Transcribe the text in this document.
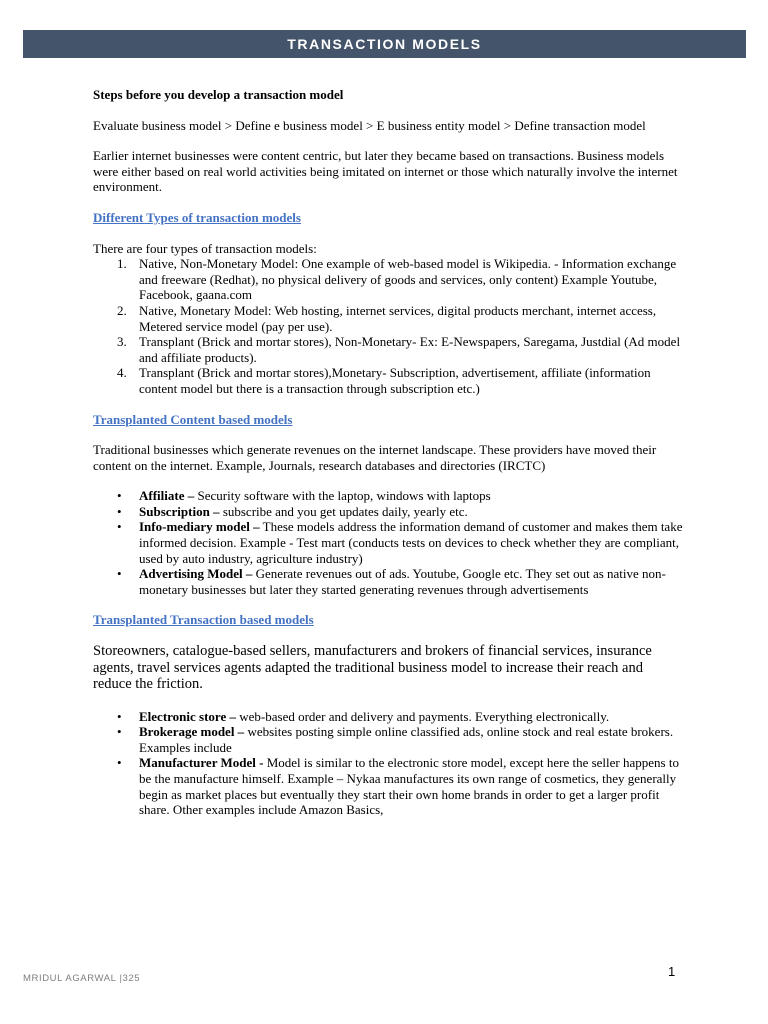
TRANSACTION MODELS

Steps before you develop a transaction model

Evaluate business model > Define e business model > E business entity model > Define transaction model

Earlier internet businesses were content centric, but later they became based on transactions. Business models were either based on real world activities being imitated on internet or those which naturally involve the internet environment.

Different Types of transaction models

There are four types of transaction models:

1. Native, Non-Monetary Model: One example of web-based model is Wikipedia. - Information exchange and freeware (Redhat), no physical delivery of goods and services, only content) Example Youtube, Facebook, gaana.com
2. Native, Monetary Model: Web hosting, internet services, digital products merchant, internet access, Metered service model (pay per use).
3. Transplant (Brick and mortar stores), Non-Monetary- Ex: E-Newspapers, Saregama, Justdial (Ad model and affiliate products).
4. Transplant (Brick and mortar stores),Monetary- Subscription, advertisement, affiliate (information content model but there is a transaction through subscription etc.)

Transplanted Content based models

Traditional businesses which generate revenues on the internet landscape. These providers have moved their content on the internet. Example, Journals, research databases and directories (IRCTC)

• Affiliate – Security software with the laptop, windows with laptops
• Subscription – subscribe and you get updates daily, yearly etc.
• Info-mediary model – These models address the information demand of customer and makes them take informed decision. Example - Test mart (conducts tests on devices to check whether they are compliant, used by auto industry, agriculture industry)
• Advertising Model – Generate revenues out of ads. Youtube, Google etc. They set out as native non-monetary businesses but later they started generating revenues through advertisements

Transplanted Transaction based models

Storeowners, catalogue-based sellers, manufacturers and brokers of financial services, insurance agents, travel services agents adapted the traditional business model to increase their reach and reduce the friction.

• Electronic store – web-based order and delivery and payments. Everything electronically.
• Brokerage model – websites posting simple online classified ads, online stock and real estate brokers. Examples include
• Manufacturer Model - Model is similar to the electronic store model, except here the seller happens to be the manufacture himself. Example – Nykaa manufactures its own range of cosmetics, they generally begin as market places but eventually they start their own home brands in order to get a larger profit share. Other examples include Amazon Basics,
MRIDUL AGARWAL |325	1
